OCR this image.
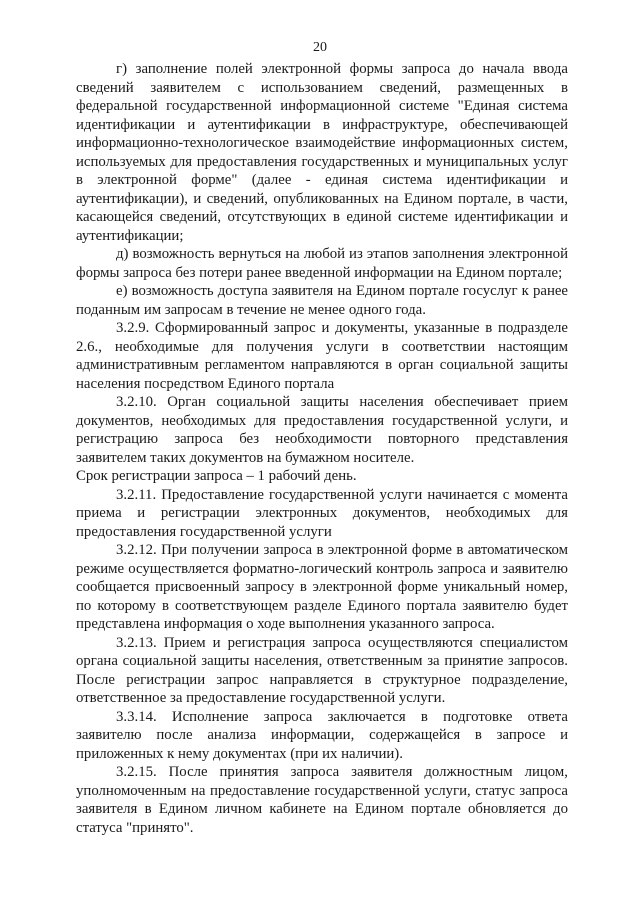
20

г) заполнение полей электронной формы запроса до начала ввода сведений заявителем с использованием сведений, размещенных в федеральной государственной информационной системе "Единая система идентификации и аутентификации в инфраструктуре, обеспечивающей информационно-технологическое взаимодействие информационных систем, используемых для предоставления государственных и муниципальных услуг в электронной форме" (далее - единая система идентификации и аутентификации), и сведений, опубликованных на Едином портале, в части, касающейся сведений, отсутствующих в единой системе идентификации и аутентификации;

д) возможность вернуться на любой из этапов заполнения электронной формы запроса без потери ранее введенной информации на Едином портале;

е) возможность доступа заявителя на Едином портале госуслуг к ранее поданным им запросам в течение не менее одного года.

3.2.9. Сформированный запрос и документы, указанные в подразделе 2.6., необходимые для получения услуги в соответствии настоящим административным регламентом направляются в орган социальной защиты населения посредством Единого портала

3.2.10. Орган социальной защиты населения обеспечивает прием документов, необходимых для предоставления государственной услуги, и регистрацию запроса без необходимости повторного представления заявителем таких документов на бумажном носителе.

Срок регистрации запроса – 1 рабочий день.

3.2.11. Предоставление государственной услуги начинается с момента приема и регистрации электронных документов, необходимых для предоставления государственной услуги

3.2.12. При получении запроса в электронной форме в автоматическом режиме осуществляется форматно-логический контроль запроса и заявителю сообщается присвоенный запросу в электронной форме уникальный номер, по которому в соответствующем разделе Единого портала заявителю будет представлена информация о ходе выполнения указанного запроса.

3.2.13. Прием и регистрация запроса осуществляются специалистом органа социальной защиты населения, ответственным за принятие запросов. После регистрации запрос направляется в структурное подразделение, ответственное за предоставление государственной услуги.

3.3.14. Исполнение запроса заключается в подготовке ответа заявителю после анализа информации, содержащейся в запросе и приложенных к нему документах (при их наличии).

3.2.15. После принятия запроса заявителя должностным лицом, уполномоченным на предоставление государственной услуги, статус запроса заявителя в Едином личном кабинете на Едином портале обновляется до статуса "принято".
